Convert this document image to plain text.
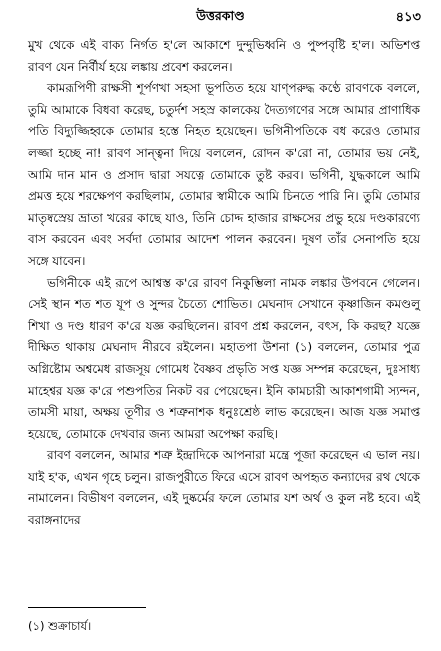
উত্তরকাণ্ড	৪১৩

মুখ থেকে এই বাক্য নির্গত হ'লে আকাশে দুন্দুভিধ্বনি ও পুষ্পবৃষ্টি হ'ল। অভিশপ্ত রাবণ যেন নির্বীর্য হয়ে লঙ্কায় প্রবেশ করলেন।

কামরূপিণী রাক্ষসী শূর্পণখা সহসা ভূপতিত হয়ে যাণ্পরুদ্ধ কণ্ঠে রাবণকে বললে, তুমি আমাকে বিধবা করেছ, চতুর্দশ সহস্র কালকেয় দৈত্যগণের সঙ্গে আমার প্রাণাধিক পতি বিদ্যুজ্জিহ্বকে তোমার হস্তে নিহত হয়েছেন। ভগিনীপতিকে বধ করেও তোমার লজ্জা হচ্ছে না! রাবণ সান্ত্বনা দিয়ে বললেন, রোদন ক'রো না, তোমার ভয় নেই, আমি দান মান ও প্রসাদ দ্বারা সযত্নে তোমাকে তুষ্ট করব। ভগিনী, যুদ্ধকালে আমি প্রমত্ত হয়ে শরক্ষেপণ করছিলাম, তোমার স্বামীকে আমি চিনতে পারি নি। তুমি তোমার মাতৃষ্বস্রেয় ভ্রাতা খরের কাছে যাও, তিনি চোদ্দ হাজার রাক্ষসের প্রভু হয়ে দণ্ডকারণ্যে বাস করবেন এবং সর্বদা তোমার আদেশ পালন করবেন। দূষণ তাঁর সেনাপতি হয়ে সঙ্গে যাবেন।

ভগিনীকে এই রূপে আশ্বস্ত ক'রে রাবণ নিকুম্ভিলা নামক লঙ্কার উপবনে গেলেন। সেই স্থান শত শত যূপ ও সুন্দর চৈত্যে শোভিত। মেঘনাদ সেখানে কৃষ্ণাজিন কমণ্ডলু শিখা ও দণ্ড ধারণ ক'রে যজ্ঞ করছিলেন। রাবণ প্রশ্ন করলেন, বৎস, কি করছ? যজ্ঞে দীক্ষিত থাকায় মেঘনাদ নীরবে রইলেন। মহাতপা উশনা (১) বললেন, তোমার পুত্র অগ্নিষ্টোম অশ্বমেধ রাজসূয় গোমেধ বৈষ্ণব প্রভৃতি সপ্ত যজ্ঞ সম্পন্ন করেছেন, দুঃসাধ্য মাহেশ্বর যজ্ঞ ক'রে পশুপতির নিকট বর পেয়েছেন। ইনি কামচারী আকাশগামী স্যন্দন, তামসী মায়া, অক্ষয় তূণীর ও শত্রুনাশক ধনুঃশ্রেষ্ঠ লাভ করেছেন। আজ যজ্ঞ সমাপ্ত হয়েছে, তোমাকে দেখবার জন্য আমরা অপেক্ষা করছি।

রাবণ বললেন, আমার শত্রু ইন্দ্রাদিকে আপনারা মন্ত্রে পূজা করেছেন এ ভাল নয়। যাই হ'ক, এখন গৃহে চলুন। রাজপুরীতে ফিরে এসে রাবণ অপহৃত কন্যাদের রথ থেকে নামালেন। বিভীষণ বললেন, এই দুষ্কর্মের ফলে তোমার যশ অর্থ ও কুল নষ্ট হবে। এই বরাঙ্গনাদের

(১) শুক্রাচার্য।
